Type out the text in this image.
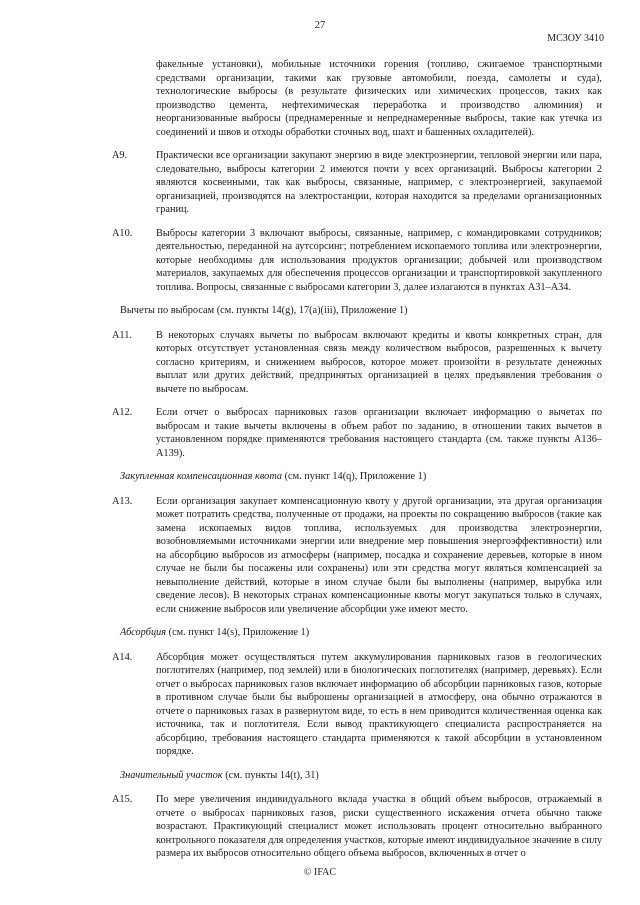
27
МСЗОУ 3410

факельные установки), мобильные источники горения (топливо, сжигаемое транспортными средствами организации, такими как грузовые автомобили, поезда, самолеты и суда), технологические выбросы (в результате физических или химических процессов, таких как производство цемента, нефтехимическая переработка и производство алюминия) и неорганизованные выбросы (преднамеренные и непреднамеренные выбросы, такие как утечка из соединений и швов и отходы обработки сточных вод, шахт и башенных охладителей).

A9.	Практически все организации закупают энергию в виде электроэнергии, тепловой энергии или пара, следовательно, выбросы категории 2 имеются почти у всех организаций. Выбросы категории 2 являются косвенными, так как выбросы, связанные, например, с электроэнергией, закупаемой организацией, производятся на электростанции, которая находится за пределами организационных границ.
A10. Выбросы категории 3 включают выбросы, связанные, например, с командировками сотрудников; деятельностью, переданной на аутсорсинг; потреблением ископаемого топлива или электроэнергии, которые необходимы для использования продуктов организации; добычей или производством материалов, закупаемых для обеспечения процессов организации и транспортировкой закупленного топлива. Вопросы, связанные с выбросами категории 3, далее излагаются в пунктах A31–A34.
Вычеты по выбросам (см. пункты 14(g), 17(a)(iii), Приложение 1)
A11. В некоторых случаях вычеты по выбросам включают кредиты и квоты конкретных стран, для которых отсутствует установленная связь между количеством выбросов, разрешенных к вычету согласно критериям, и снижением выбросов, которое может произойти в результате денежных выплат или других действий, предпринятых организацией в целях предъявления требования о вычете по выбросам.
A12. Если отчет о выбросах парниковых газов организации включает информацию о вычетах по выбросам и такие вычеты включены в объем работ по заданию, в отношении таких вычетов в установленном порядке применяются требования настоящего стандарта (см. также пункты A136–A139).
Закупленная компенсационная квота (см. пункт 14(q), Приложение 1)
A13. Если организация закупает компенсационную квоту у другой организации, эта другая организация может потратить средства, полученные от продажи, на проекты по сокращению выбросов (такие как замена ископаемых видов топлива, используемых для производства электроэнергии, возобновляемыми источниками энергии или внедрение мер повышения энергоэффективности) или на абсорбцию выбросов из атмосферы (например, посадка и сохранение деревьев, которые в ином случае не были бы посажены или сохранены) или эти средства могут являться компенсацией за невыполнение действий, которые в ином случае были бы выполнены (например, вырубка или сведение лесов). В некоторых странах компенсационные квоты могут закупаться только в случаях, если снижение выбросов или увеличение абсорбции уже имеют место.
Абсорбция (см. пункт 14(s), Приложение 1)
A14. Абсорбция может осуществляться путем аккумулирования парниковых газов в геологических поглотителях (например, под землей) или в биологических поглотителях (например, деревьях). Если отчет о выбросах парниковых газов включает информацию об абсорбции парниковых газов, которые в противном случае были бы выброшены организацией в атмосферу, она обычно отражаются в отчете о парниковых газах в развернутом виде, то есть в нем приводится количественная оценка как источника, так и поглотителя. Если вывод практикующего специалиста распространяется на абсорбцию, требования настоящего стандарта применяются к такой абсорбции в установленном порядке.
Значительный участок (см. пункты 14(t), 31)
A15. По мере увеличения индивидуального вклада участка в общий объем выбросов, отражаемый в отчете о выбросах парниковых газов, риски существенного искажения отчета обычно также возрастают. Практикующий специалист может использовать процент относительно выбранного контрольного показателя для определения участков, которые имеют индивидуальное значение в силу размера их выбросов относительно общего объема выбросов, включенных в отчет о
© IFAC
